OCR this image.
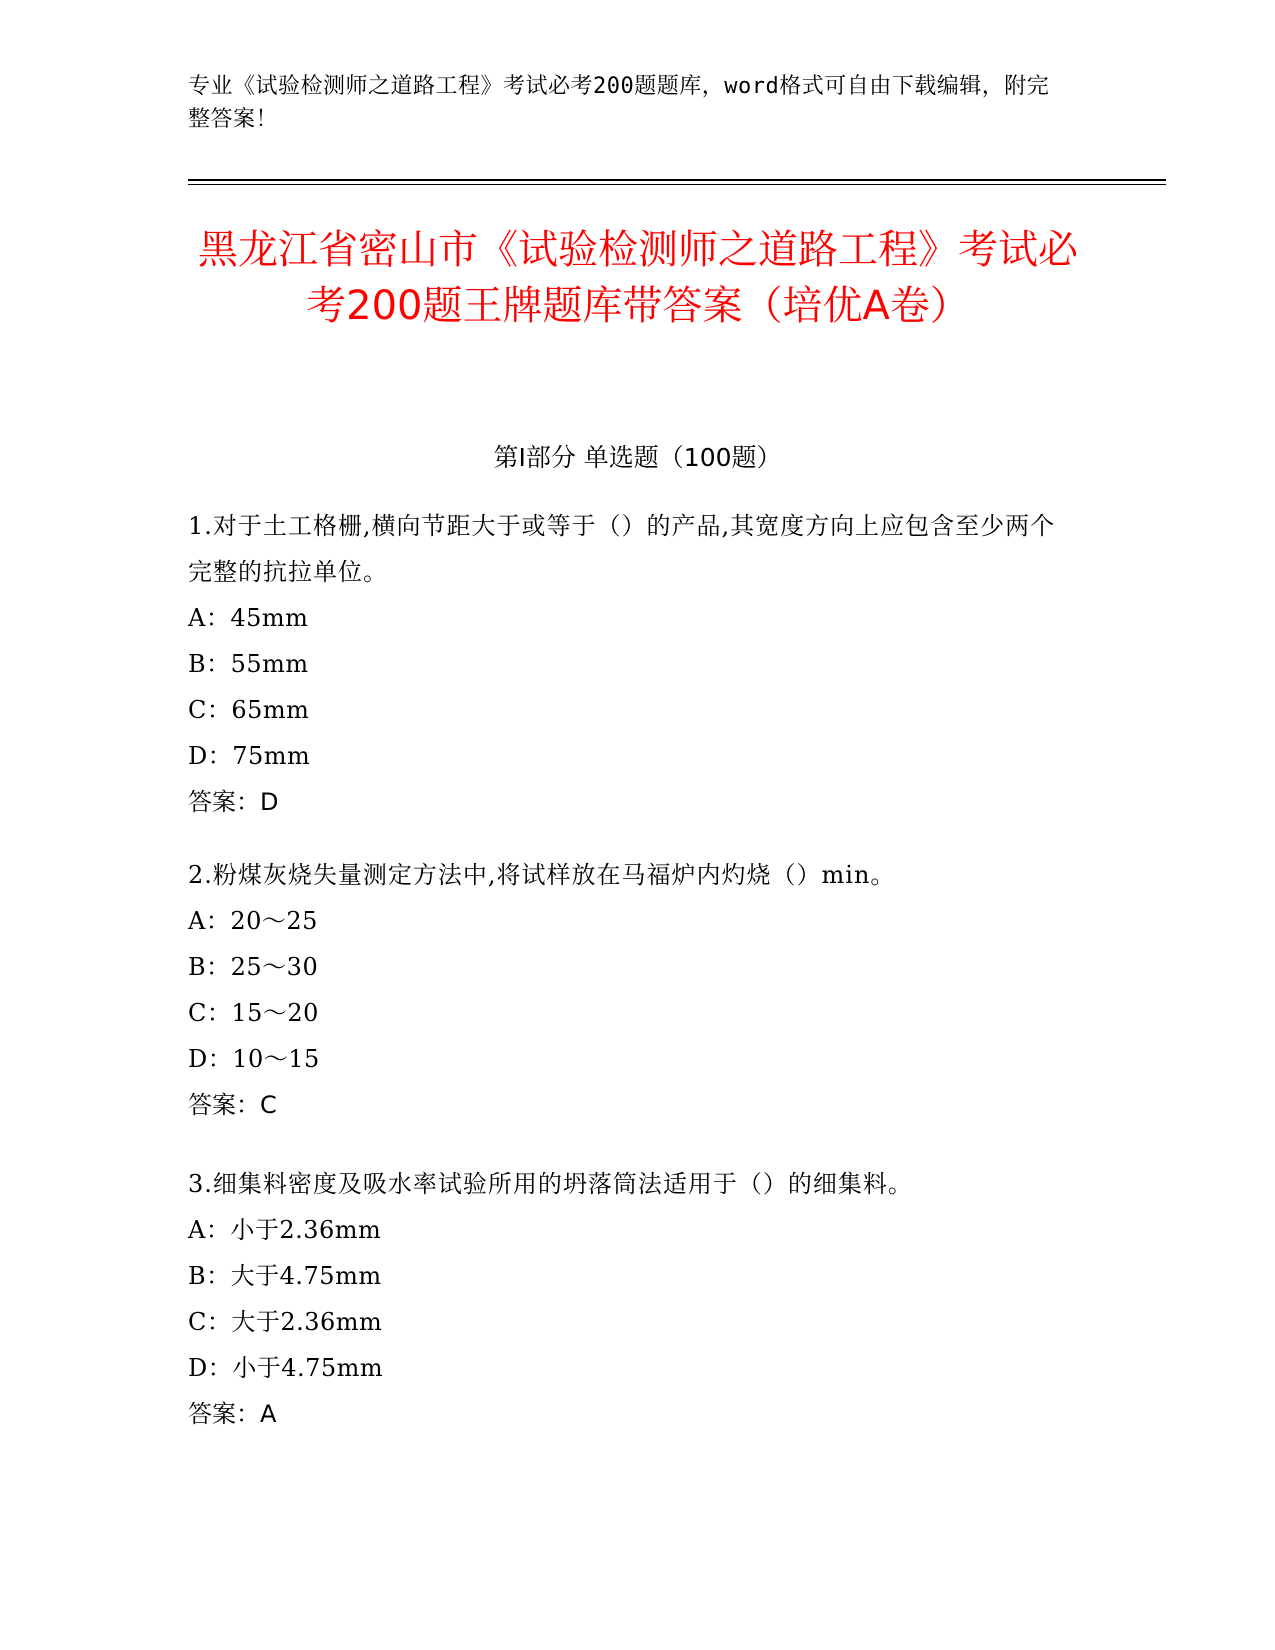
专业《试验检测师之道路工程》考试必考200题题库，word格式可自由下载编辑，附完整答案！
黑龙江省密山市《试验检测师之道路工程》考试必考200题王牌题库带答案（培优A卷）
第I部分 单选题（100题）

1.对于土工格栅,横向节距大于或等于（）的产品,其宽度方向上应包含至少两个完整的抗拉单位。

A：45mm

B：55mm

C：65mm

D：75mm

答案：D

2.粉煤灰烧失量测定方法中,将试样放在马福炉内灼烧（）min。

A：20～25

B：25～30

C：15～20

D：10～15

答案：C

3.细集料密度及吸水率试验所用的坍落筒法适用于（）的细集料。

A：小于2.36mm

B：大于4.75mm

C：大于2.36mm

D：小于4.75mm

答案：A
